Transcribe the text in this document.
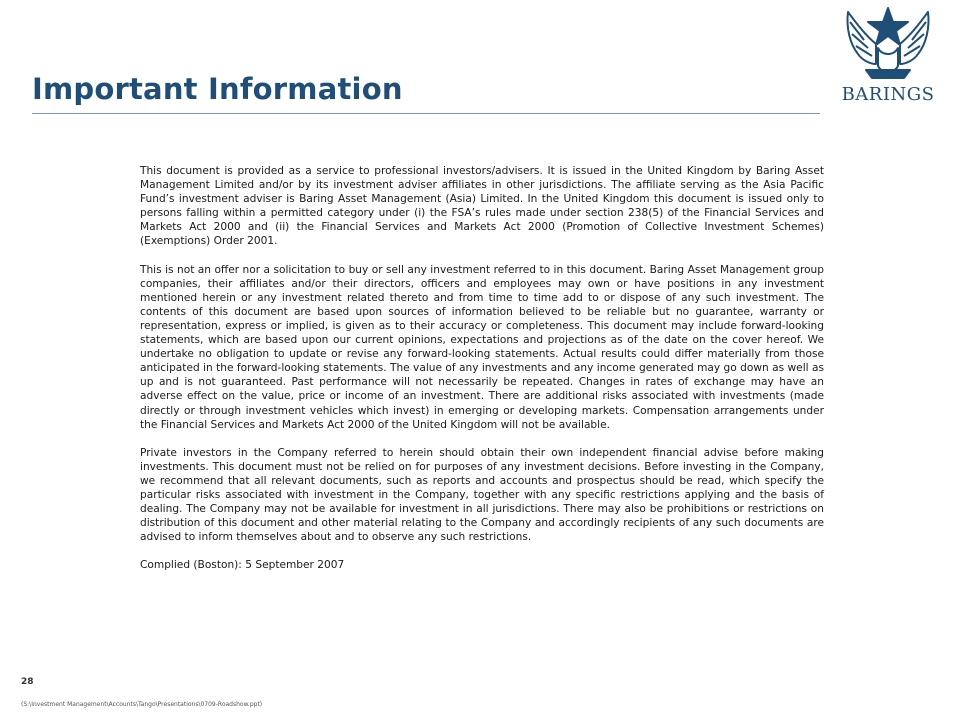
Important Information	BARINGS

This document is provided as a service to professional investors/advisers. It is issued in the United Kingdom by Baring Asset Management Limited and/or by its investment adviser affiliates in other jurisdictions. The affiliate serving as the Asia Pacific Fund’s investment adviser is Baring Asset Management (Asia) Limited. In the United Kingdom this document is issued only to persons falling within a permitted category under (i) the FSA’s rules made under section 238(5) of the Financial Services and Markets Act 2000 and (ii) the Financial Services and Markets Act 2000 (Promotion of Collective Investment Schemes) (Exemptions) Order 2001.

This is not an offer nor a solicitation to buy or sell any investment referred to in this document. Baring Asset Management group companies, their affiliates and/or their directors, officers and employees may own or have positions in any investment mentioned herein or any investment related thereto and from time to time add to or dispose of any such investment. The contents of this document are based upon sources of information believed to be reliable but no guarantee, warranty or representation, express or implied, is given as to their accuracy or completeness. This document may include forward-looking statements, which are based upon our current opinions, expectations and projections as of the date on the cover hereof. We undertake no obligation to update or revise any forward-looking statements. Actual results could differ materially from those anticipated in the forward-looking statements. The value of any investments and any income generated may go down as well as up and is not guaranteed. Past performance will not necessarily be repeated. Changes in rates of exchange may have an adverse effect on the value, price or income of an investment. There are additional risks associated with investments (made directly or through investment vehicles which invest) in emerging or developing markets. Compensation arrangements under the Financial Services and Markets Act 2000 of the United Kingdom will not be available.

Private investors in the Company referred to herein should obtain their own independent financial advise before making investments. This document must not be relied on for purposes of any investment decisions. Before investing in the Company, we recommend that all relevant documents, such as reports and accounts and prospectus should be read, which specify the particular risks associated with investment in the Company, together with any specific restrictions applying and the basis of dealing. The Company may not be available for investment in all jurisdictions. There may also be prohibitions or restrictions on distribution of this document and other material relating to the Company and accordingly recipients of any such documents are advised to inform themselves about and to observe any such restrictions.

Complied (Boston): 5 September 2007

28
(S:\Investment Management\Accounts\Tango\Presentations\0709-Roadshow.ppt)
